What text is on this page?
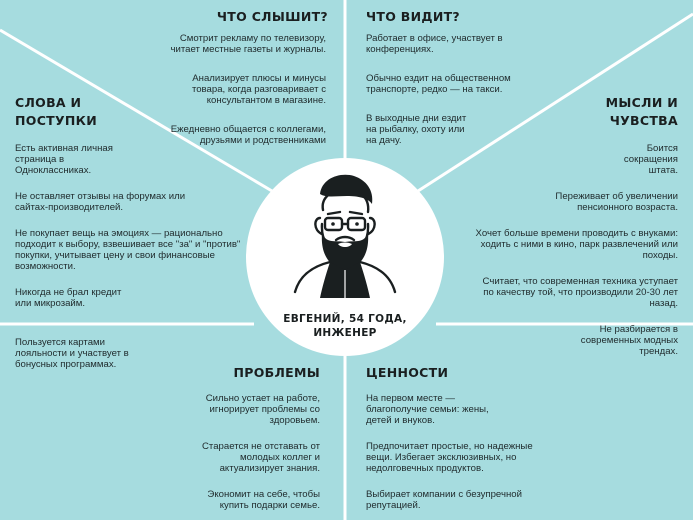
ЕВГЕНИЙ, 54 ГОДА,
ИНЖЕНЕР
ЧТО СЛЫШИТ?

Смотрит рекламу по телевизору, читает местные газеты и журналы.

Анализирует плюсы и минусы товара, когда разговаривает с консультантом в магазине.

Ежедневно общается с коллегами, друзьями и родственниками

ЧТО ВИДИТ?

Работает в офисе, участвует в конференциях.

Обычно ездит на общественном транспорте, редко — на такси.

В выходные дни ездит на рыбалку, охоту или на дачу.

СЛОВА И
ПОСТУПКИ

Есть активная личная страница в Одноклассниках.

Не оставляет отзывы на форумах или сайтах-производителей.

Не покупает вещь на эмоциях — рационально подходит к выбору, взвешивает все "за" и "против" покупки, учитывает цену и свои финансовые возможности.

Никогда не брал кредит или микрозайм.

Пользуется картами лояльности и участвует в бонусных программах.

МЫСЛИ И
ЧУВСТВА

Боится сокращения штата.

Переживает об увеличении пенсионного возраста.

Хочет больше времени проводить с внуками: ходить с ними в кино, парк развлечений или походы.

Считает, что современная техника уступает по качеству той, что производили 20-30 лет назад.

Не разбирается в современных модных трендах.

ПРОБЛЕМЫ

Сильно устает на работе, игнорирует проблемы со здоровьем.

Старается не отставать от молодых коллег и актуализирует знания.

Экономит на себе, чтобы купить подарки семье.

ЦЕННОСТИ

На первом месте — благополучие семьи: жены, детей и внуков.

Предпочитает простые, но надежные вещи. Избегает эксклюзивных, но недолговечных продуктов.

Выбирает компании с безупречной репутацией.
